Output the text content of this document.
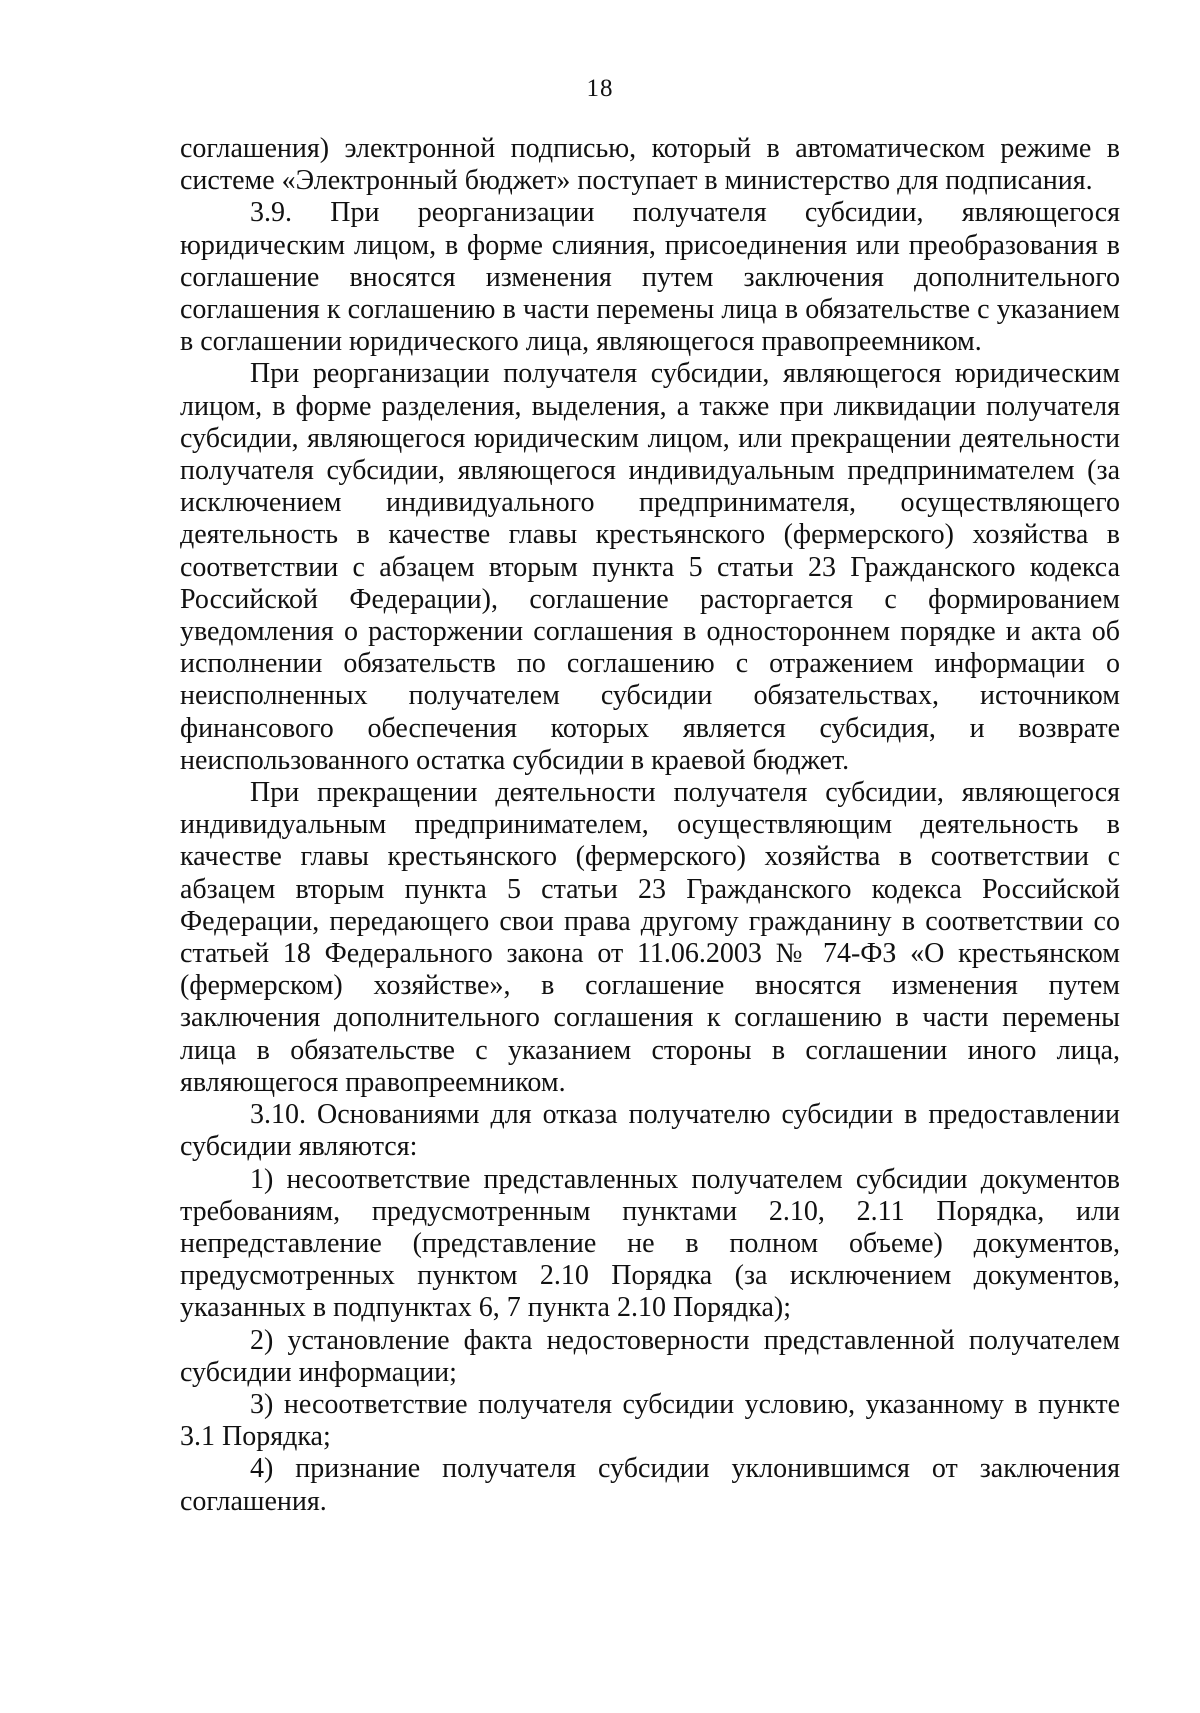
18

соглашения) электронной подписью, который в автоматическом режиме в системе «Электронный бюджет» поступает в министерство для подписания.

3.9. При реорганизации получателя субсидии, являющегося юридическим лицом, в форме слияния, присоединения или преобразования в соглашение вносятся изменения путем заключения дополнительного соглашения к соглашению в части перемены лица в обязательстве с указанием в соглашении юридического лица, являющегося правопреемником.

При реорганизации получателя субсидии, являющегося юридическим лицом, в форме разделения, выделения, а также при ликвидации получателя субсидии, являющегося юридическим лицом, или прекращении деятельности получателя субсидии, являющегося индивидуальным предпринимателем (за исключением индивидуального предпринимателя, осуществляющего деятельность в качестве главы крестьянского (фермерского) хозяйства в соответствии с абзацем вторым пункта 5 статьи 23 Гражданского кодекса Российской Федерации), соглашение расторгается с формированием уведомления о расторжении соглашения в одностороннем порядке и акта об исполнении обязательств по соглашению с отражением информации о неисполненных получателем субсидии обязательствах, источником финансового обеспечения которых является субсидия, и возврате неиспользованного остатка субсидии в краевой бюджет.

При прекращении деятельности получателя субсидии, являющегося индивидуальным предпринимателем, осуществляющим деятельность в качестве главы крестьянского (фермерского) хозяйства в соответствии с абзацем вторым пункта 5 статьи 23 Гражданского кодекса Российской Федерации, передающего свои права другому гражданину в соответствии со статьей 18 Федерального закона от 11.06.2003 № 74-ФЗ «О крестьянском (фермерском) хозяйстве», в соглашение вносятся изменения путем заключения дополнительного соглашения к соглашению в части перемены лица в обязательстве с указанием стороны в соглашении иного лица, являющегося правопреемником.

3.10. Основаниями для отказа получателю субсидии в предоставлении субсидии являются:

1) несоответствие представленных получателем субсидии документов требованиям, предусмотренным пунктами 2.10, 2.11 Порядка, или непредставление (представление не в полном объеме) документов, предусмотренных пунктом 2.10 Порядка (за исключением документов, указанных в подпунктах 6, 7 пункта 2.10 Порядка);

2) установление факта недостоверности представленной получателем субсидии информации;

3) несоответствие получателя субсидии условию, указанному в пункте 3.1 Порядка;

4) признание получателя субсидии уклонившимся от заключения соглашения.
